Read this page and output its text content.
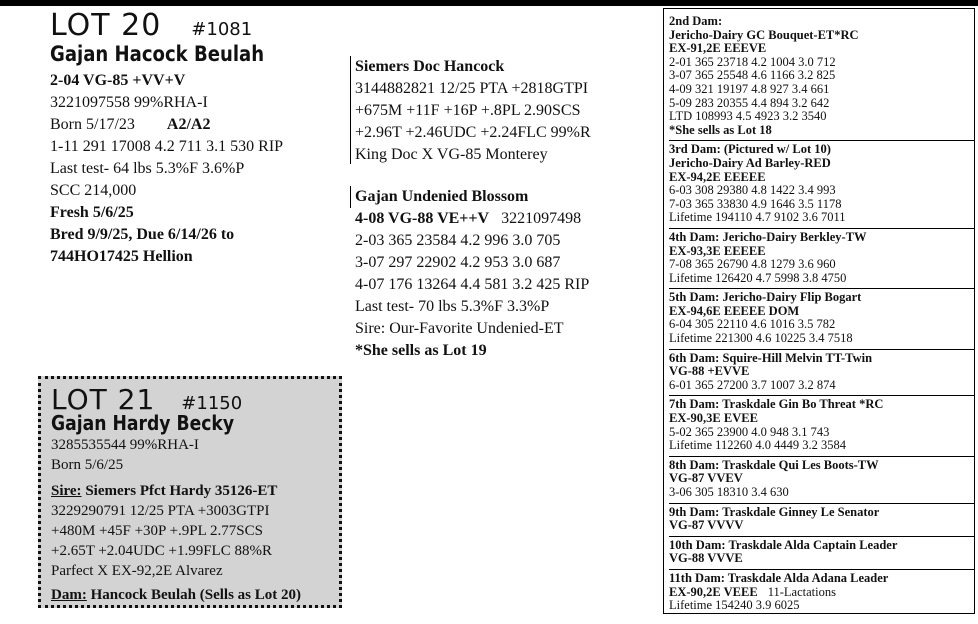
LOT 20 #1081
Gajan Hacock Beulah
2-04 VG-85 +VV+V
3221097558 99%RHA-I
Born 5/17/23 A2/A2
1-11 291 17008 4.2 711 3.1 530 RIP
Last test- 64 lbs 5.3%F 3.6%P
SCC 214,000
Fresh 5/6/25
Bred 9/9/25, Due 6/14/26 to
744HO17425 Hellion
Siemers Doc Hancock
3144882821 12/25 PTA +2818GTPI
+675M +11F +16P +.8PL 2.90SCS
+2.96T +2.46UDC +2.24FLC 99%R
King Doc X VG-85 Monterey
Gajan Undenied Blossom
4-08 VG-88 VE++V 3221097498
2-03 365 23584 4.2 996 3.0 705
3-07 297 22902 4.2 953 3.0 687
4-07 176 13264 4.4 581 3.2 425 RIP
Last test- 70 lbs 5.3%F 3.3%P
Sire: Our-Favorite Undenied-ET
*She sells as Lot 19
LOT 21 #1150
Gajan Hardy Becky
3285535544 99%RHA-I
Born 5/6/25
Sire: Siemers Pfct Hardy 35126-ET
3229290791 12/25 PTA +3003GTPI
+480M +45F +30P +.9PL 2.77SCS
+2.65T +2.04UDC +1.99FLC 88%R
Parfect X EX-92,2E Alvarez
Dam: Hancock Beulah (Sells as Lot 20)
2nd Dam:
Jericho-Dairy GC Bouquet-ET*RC
EX-91,2E EEEVE
2-01 365 23718 4.2 1004 3.0 712
3-07 365 25548 4.6 1166 3.2 825
4-09 321 19197 4.8 927 3.4 661
5-09 283 20355 4.4 894 3.2 642
LTD 108993 4.5 4923 3.2 3540
*She sells as Lot 18
3rd Dam: (Pictured w/ Lot 10)
Jericho-Dairy Ad Barley-RED
EX-94,2E EEEEE
6-03 308 29380 4.8 1422 3.4 993
7-03 365 33830 4.9 1646 3.5 1178
Lifetime 194110 4.7 9102 3.6 7011
4th Dam: Jericho-Dairy Berkley-TW
EX-93,3E EEEEE
7-08 365 26790 4.8 1279 3.6 960
Lifetime 126420 4.7 5998 3.8 4750
5th Dam: Jericho-Dairy Flip Bogart
EX-94,6E EEEEE DOM
6-04 305 22110 4.6 1016 3.5 782
Lifetime 221300 4.6 10225 3.4 7518
6th Dam: Squire-Hill Melvin TT-Twin
VG-88 +EVVE
6-01 365 27200 3.7 1007 3.2 874
7th Dam: Traskdale Gin Bo Threat *RC
EX-90,3E EVEE
5-02 365 23900 4.0 948 3.1 743
Lifetime 112260 4.0 4449 3.2 3584
8th Dam: Traskdale Qui Les Boots-TW
VG-87 VVEV
3-06 305 18310 3.4 630
9th Dam: Traskdale Ginney Le Senator
VG-87 VVVV
10th Dam: Traskdale Alda Captain Leader
VG-88 VVVE
11th Dam: Traskdale Alda Adana Leader
EX-90,2E VEEE 11-Lactations
Lifetime 154240 3.9 6025
